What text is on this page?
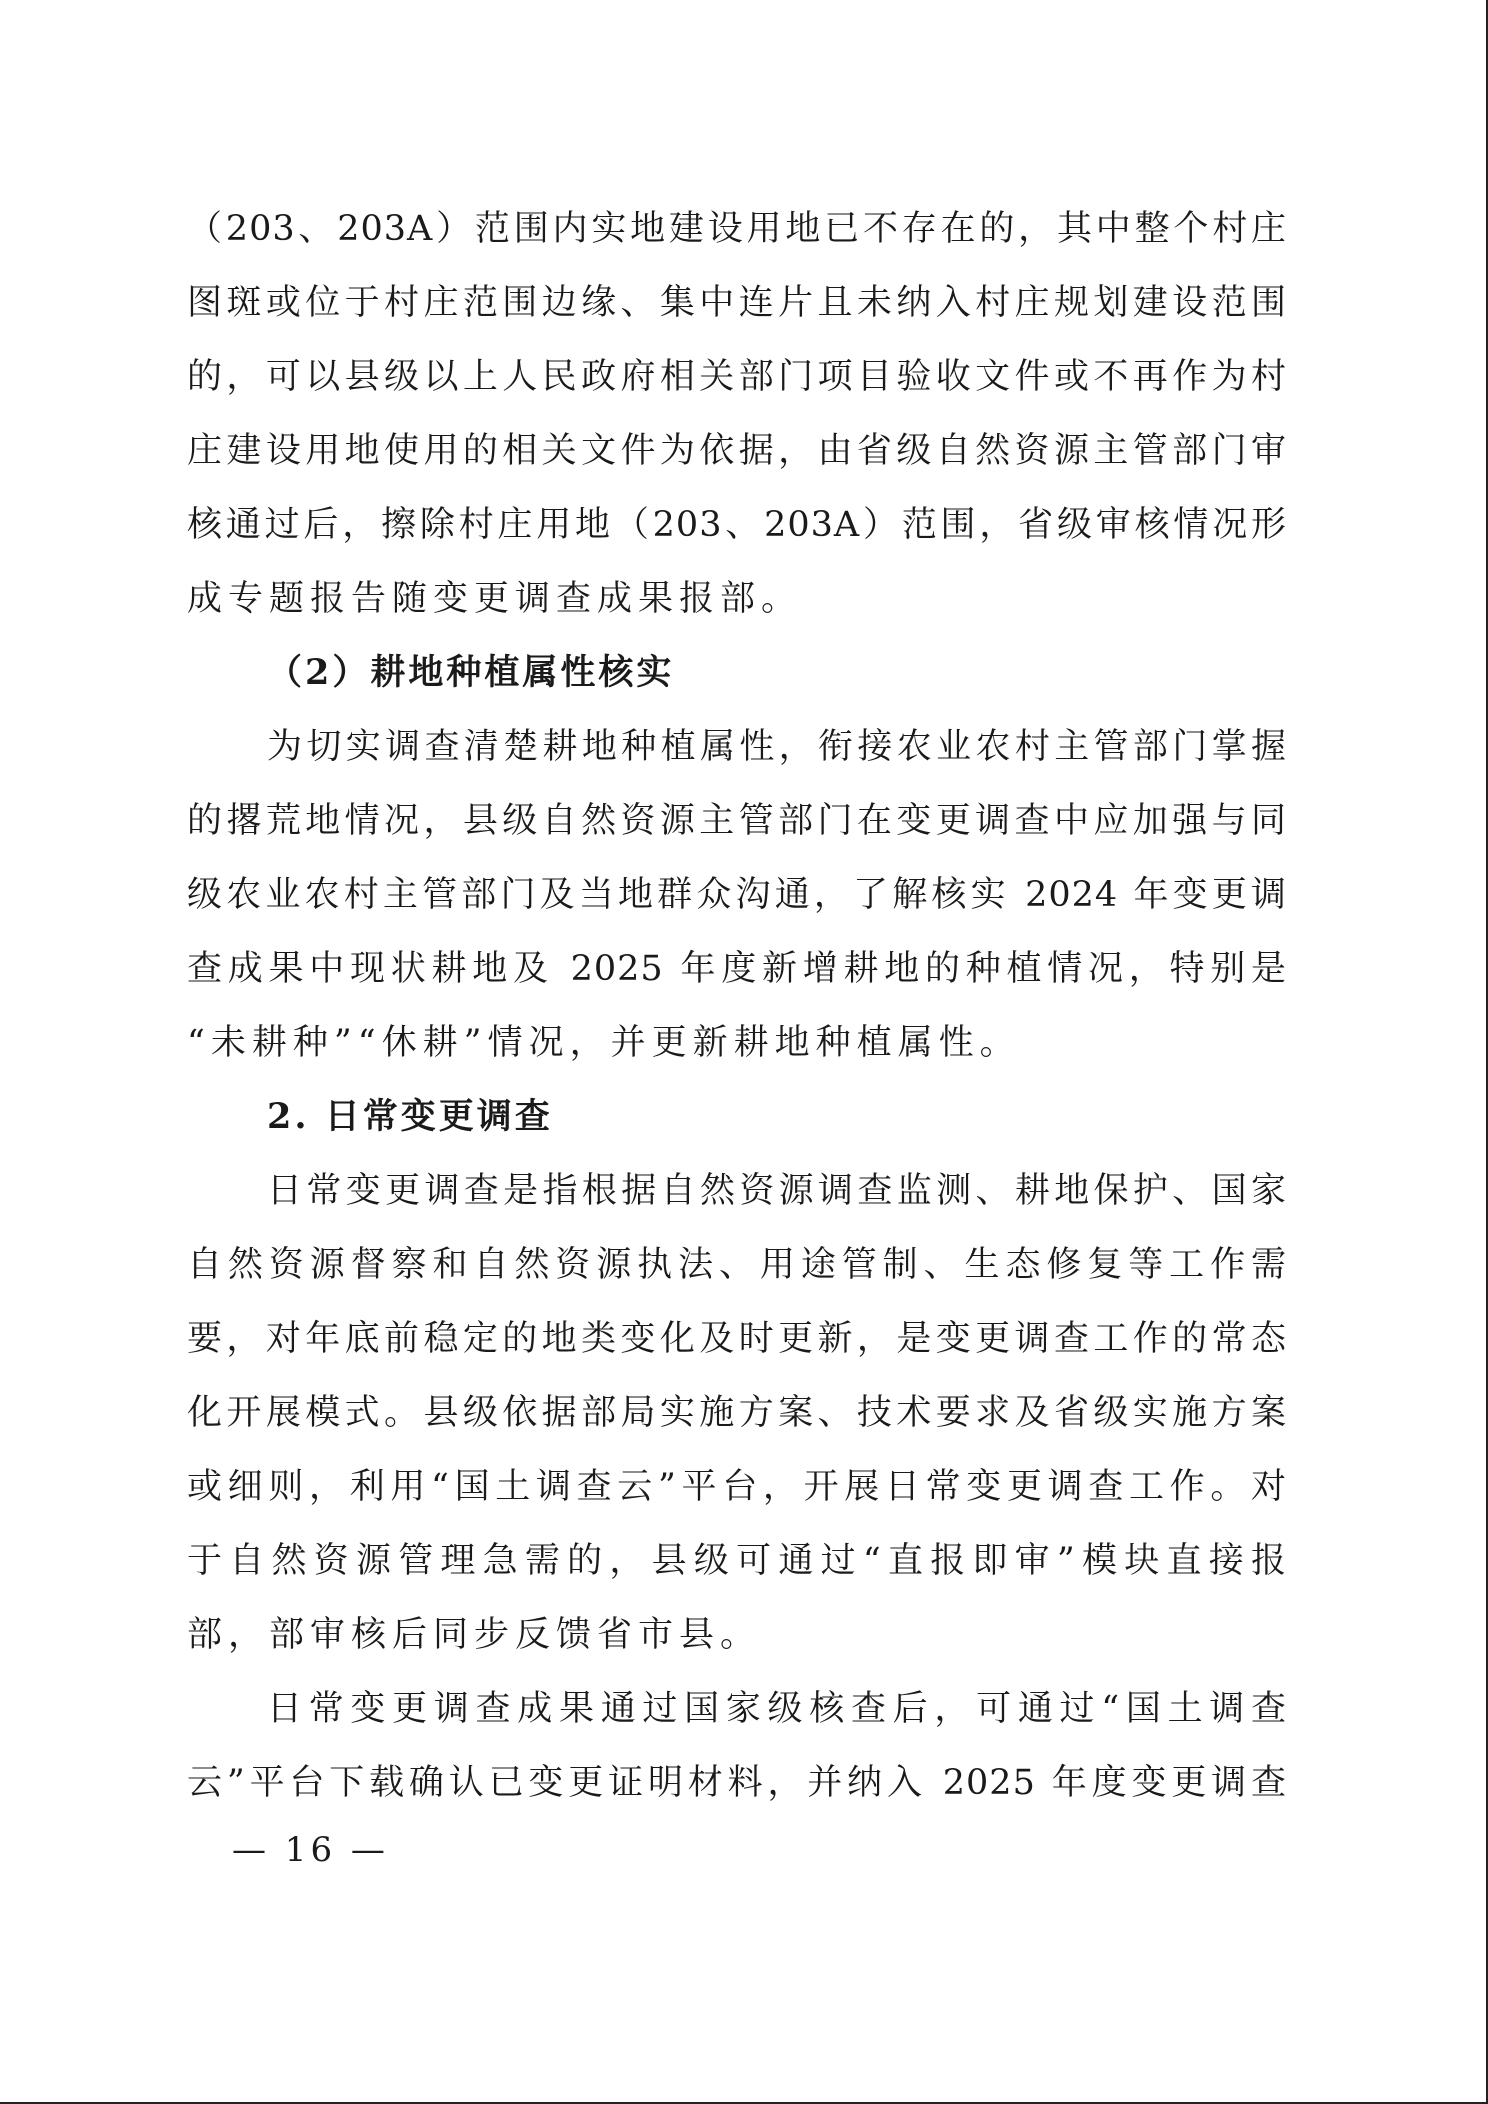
（203、203A）范围内实地建设用地已不存在的，其中整个村庄
图斑或位于村庄范围边缘、集中连片且未纳入村庄规划建设范围
的，可以县级以上人民政府相关部门项目验收文件或不再作为村
庄建设用地使用的相关文件为依据，由省级自然资源主管部门审
核通过后，擦除村庄用地（203、203A）范围，省级审核情况形
成专题报告随变更调查成果报部。
（2）耕地种植属性核实
为切实调查清楚耕地种植属性，衔接农业农村主管部门掌握
的撂荒地情况，县级自然资源主管部门在变更调查中应加强与同
级农业农村主管部门及当地群众沟通，了解核实 2024 年变更调
查成果中现状耕地及 2025 年度新增耕地的种植情况，特别是
“未耕种”“休耕”情况，并更新耕地种植属性。
2. 日常变更调查
日常变更调查是指根据自然资源调查监测、耕地保护、国家
自然资源督察和自然资源执法、用途管制、生态修复等工作需
要，对年底前稳定的地类变化及时更新，是变更调查工作的常态
化开展模式。县级依据部局实施方案、技术要求及省级实施方案
或细则，利用“国土调查云”平台，开展日常变更调查工作。对
于自然资源管理急需的，县级可通过“直报即审”模块直接报
部，部审核后同步反馈省市县。
日常变更调查成果通过国家级核查后，可通过“国土调查
云”平台下载确认已变更证明材料，并纳入 2025 年度变更调查
— 16 —
